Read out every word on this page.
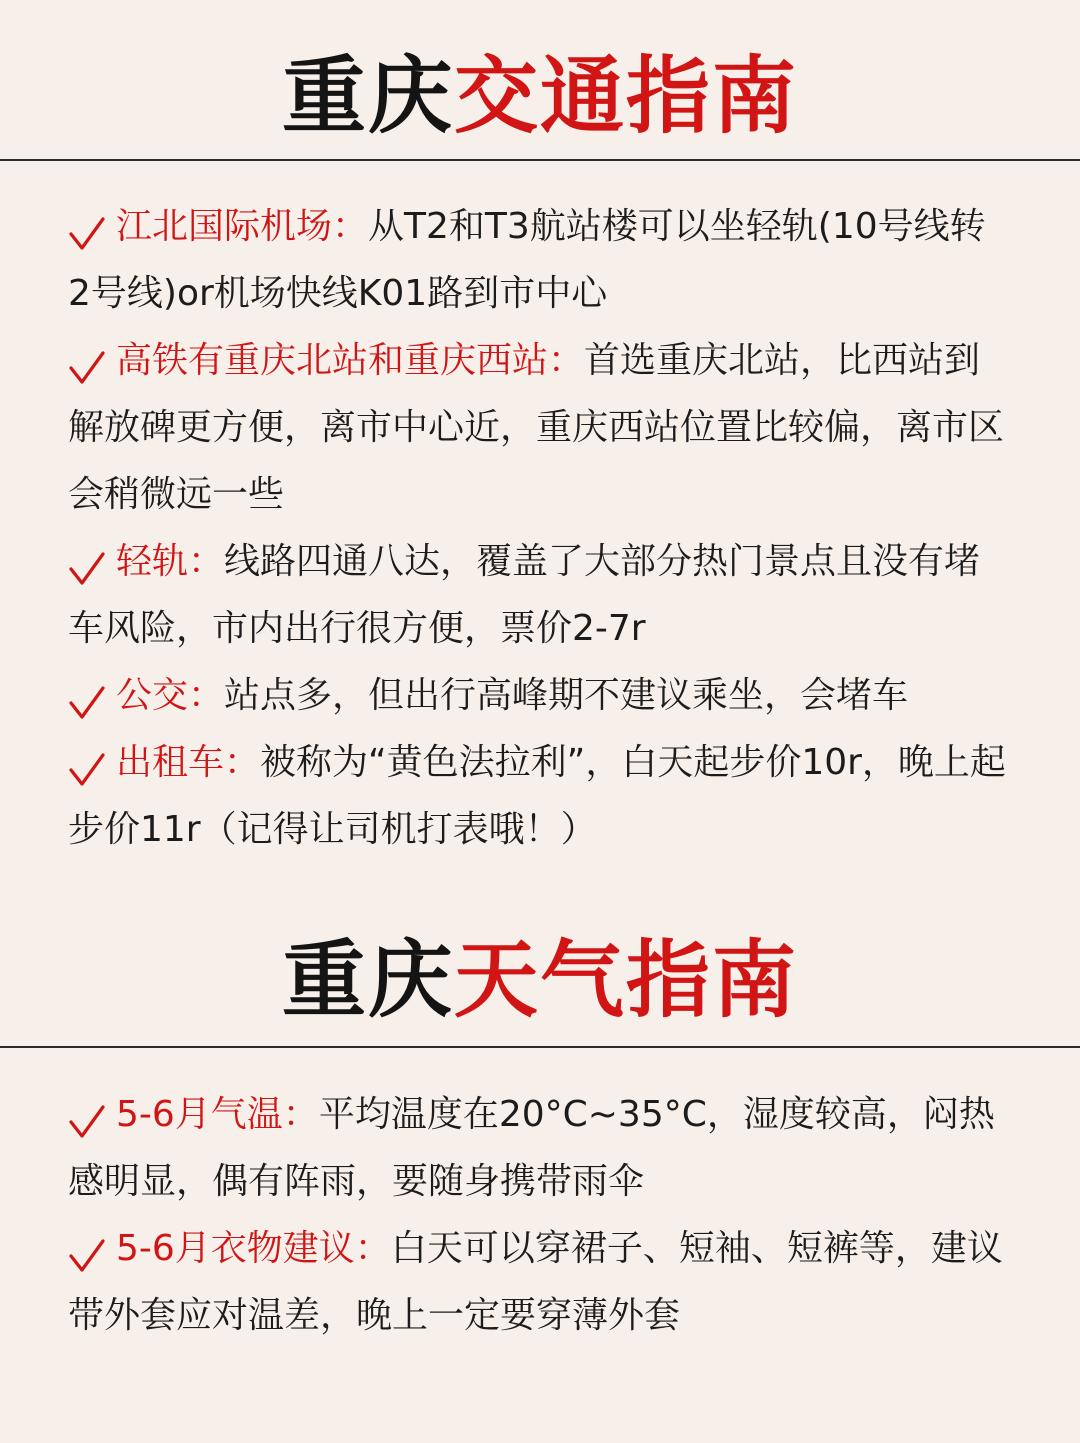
重庆交通指南
江北国际机场：从T2和T3航站楼可以坐轻轨(10号线转2号线)or机场快线K01路到市中心
高铁有重庆北站和重庆西站：首选重庆北站，比西站到解放碑更方便，离市中心近，重庆西站位置比较偏，离市区会稍微远一些
轻轨：线路四通八达，覆盖了大部分热门景点且没有堵车风险，市内出行很方便，票价2-7r
公交：站点多，但出行高峰期不建议乘坐，会堵车
出租车：被称为“黄色法拉利”，白天起步价10r，晚上起步价11r（记得让司机打表哦！）
重庆天气指南
5-6月气温：平均温度在20°C~35°C，湿度较高，闷热感明显，偶有阵雨，要随身携带雨伞
5-6月衣物建议：白天可以穿裙子、短袖、短裤等，建议带外套应对温差，晚上一定要穿薄外套
